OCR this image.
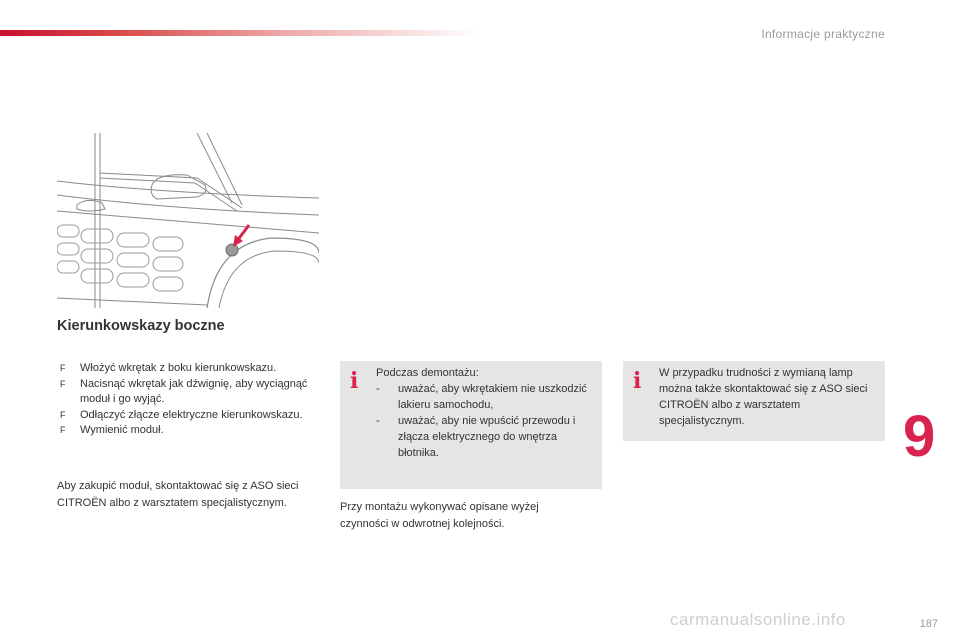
Informacje praktyczne
Kierunkowskazy boczne
F Włożyć wkrętak z boku kierunkowskazu.
F Nacisnąć wkrętak jak dźwignię, aby wyciągnąć moduł i go wyjąć.
F Odłączyć złącze elektryczne kierunkowskazu.
F Wymienić moduł.
Aby zakupić moduł, skontaktować się z ASO sieci CITROËN albo z warsztatem specjalistycznym.
i Podczas demontażu:
- uważać, aby wkrętakiem nie uszkodzić lakieru samochodu,
- uważać, aby nie wpuścić przewodu i złącza elektrycznego do wnętrza błotnika.
i W przypadku trudności z wymianą lamp można także skontaktować się z ASO sieci CITROËN albo z warsztatem specjalistycznym.
Przy montażu wykonywać opisane wyżej czynności w odwrotnej kolejności.
9
187
carmanualsonline.info
